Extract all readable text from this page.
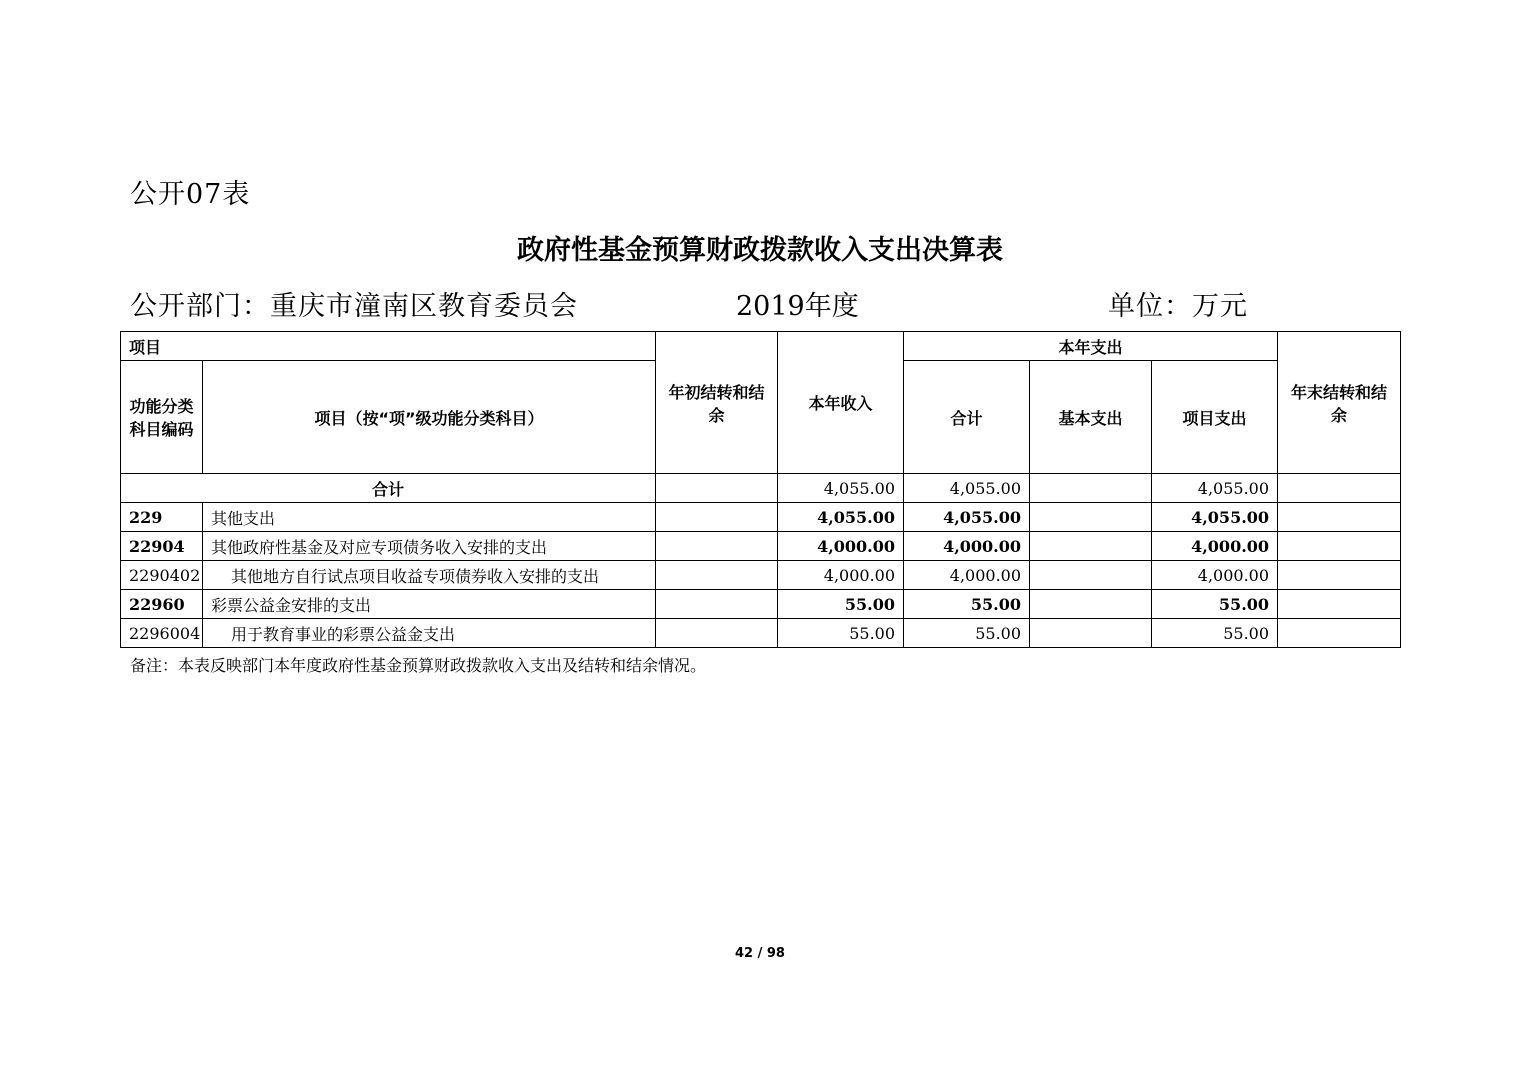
公开07表
政府性基金预算财政拨款收入支出决算表
公开部门：重庆市潼南区教育委员会	2019年度	单位：万元
项目		年初结转和结余	本年收入	本年支出			年末结转和结余
功能分类科目编码	项目（按“项”级功能分类科目）			合计	基本支出	项目支出	
合计			4,055.00	4,055.00		4,055.00	
229	其他支出		4,055.00	4,055.00		4,055.00	
22904	其他政府性基金及对应专项债务收入安排的支出		4,000.00	4,000.00		4,000.00	
2290402	其他地方自行试点项目收益专项债券收入安排的支出		4,000.00	4,000.00		4,000.00	
22960	彩票公益金安排的支出		55.00	55.00		55.00	
2296004	用于教育事业的彩票公益金支出		55.00	55.00		55.00	
备注：本表反映部门本年度政府性基金预算财政拨款收入支出及结转和结余情况。
42 / 98
